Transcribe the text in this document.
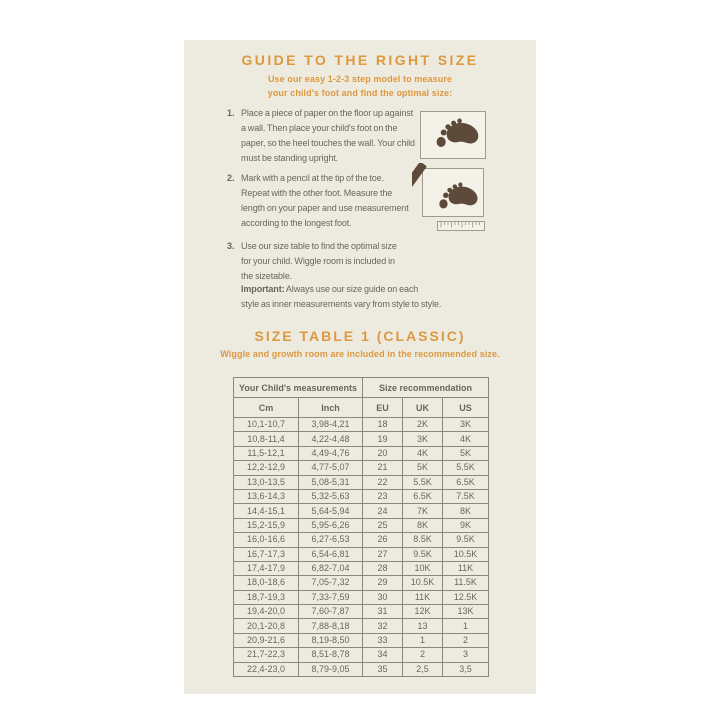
GUIDE TO THE RIGHT SIZE
Use our easy 1-2-3 step model to measure
your child's foot and find the optimal size:
1. Place a piece of paper on the floor up against
a wall. Then place your child's foot on the
paper, so the heel touches the wall. Your child
must be standing upright.
2. Mark with a pencil at the tip of the toe.
Repeat with the other foot. Measure the
length on your paper and use measurement
according to the longest foot.
3. Use our size table to find the optimal size
for your child. Wiggle room is included in
the sizetable.
Important: Always use our size guide on each
style as inner measurements vary from style to style.
SIZE TABLE 1 (CLASSIC)
Wiggle and growth room are included in the recommended size.
Your Child's measurements		Size recommendation		
Cm	Inch	EU	UK	US
10,1-10,7	3,98-4,21	18	2K	3K
10,8-11,4	4,22-4,48	19	3K	4K
11,5-12,1	4,49-4,76	20	4K	5K
12,2-12,9	4,77-5,07	21	5K	5.5K
13,0-13,5	5,08-5,31	22	5.5K	6.5K
13,6-14,3	5,32-5,63	23	6.5K	7.5K
14,4-15,1	5,64-5,94	24	7K	8K
15,2-15,9	5,95-6,26	25	8K	9K
16,0-16,6	6,27-6,53	26	8.5K	9.5K
16,7-17,3	6,54-6,81	27	9.5K	10.5K
17,4-17,9	6,82-7,04	28	10K	11K
18,0-18,6	7,05-7,32	29	10.5K	11.5K
18,7-19,3	7,33-7,59	30	11K	12.5K
19,4-20,0	7,60-7,87	31	12K	13K
20,1-20,8	7,88-8,18	32	13	1
20,9-21,6	8,19-8,50	33	1	2
21,7-22,3	8,51-8,78	34	2	3
22,4-23,0	8,79-9,05	35	2,5	3,5
